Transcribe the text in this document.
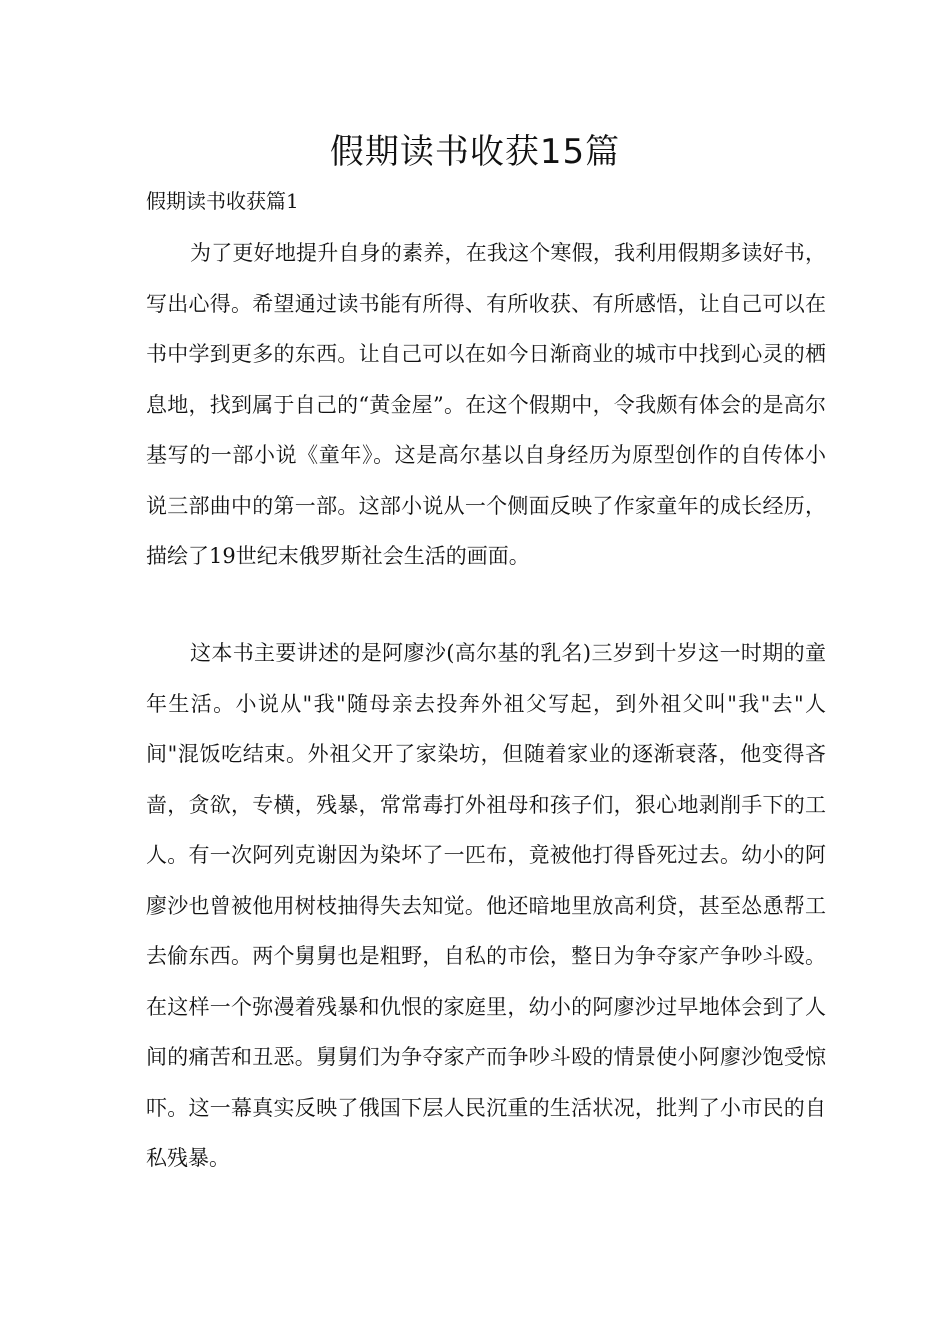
假期读书收获15篇
假期读书收获篇1

为了更好地提升自身的素养，在我这个寒假，我利用假期多读好书，写出心得。希望通过读书能有所得、有所收获、有所感悟，让自己可以在书中学到更多的东西。让自己可以在如今日渐商业的城市中找到心灵的栖息地，找到属于自己的“黄金屋”。在这个假期中，令我颇有体会的是高尔基写的一部小说《童年》。这是高尔基以自身经历为原型创作的自传体小说三部曲中的第一部。这部小说从一个侧面反映了作家童年的成长经历，描绘了19世纪末俄罗斯社会生活的画面。

这本书主要讲述的是阿廖沙(高尔基的乳名)三岁到十岁这一时期的童年生活。小说从"我"随母亲去投奔外祖父写起，到外祖父叫"我"去"人间"混饭吃结束。外祖父开了家染坊，但随着家业的逐渐衰落，他变得吝啬，贪欲，专横，残暴，常常毒打外祖母和孩子们，狠心地剥削手下的工人。有一次阿列克谢因为染坏了一匹布，竟被他打得昏死过去。幼小的阿廖沙也曾被他用树枝抽得失去知觉。他还暗地里放高利贷，甚至怂恿帮工去偷东西。两个舅舅也是粗野，自私的市侩，整日为争夺家产争吵斗殴。在这样一个弥漫着残暴和仇恨的家庭里，幼小的阿廖沙过早地体会到了人间的痛苦和丑恶。舅舅们为争夺家产而争吵斗殴的情景使小阿廖沙饱受惊吓。这一幕真实反映了俄国下层人民沉重的生活状况，批判了小市民的自私残暴。
